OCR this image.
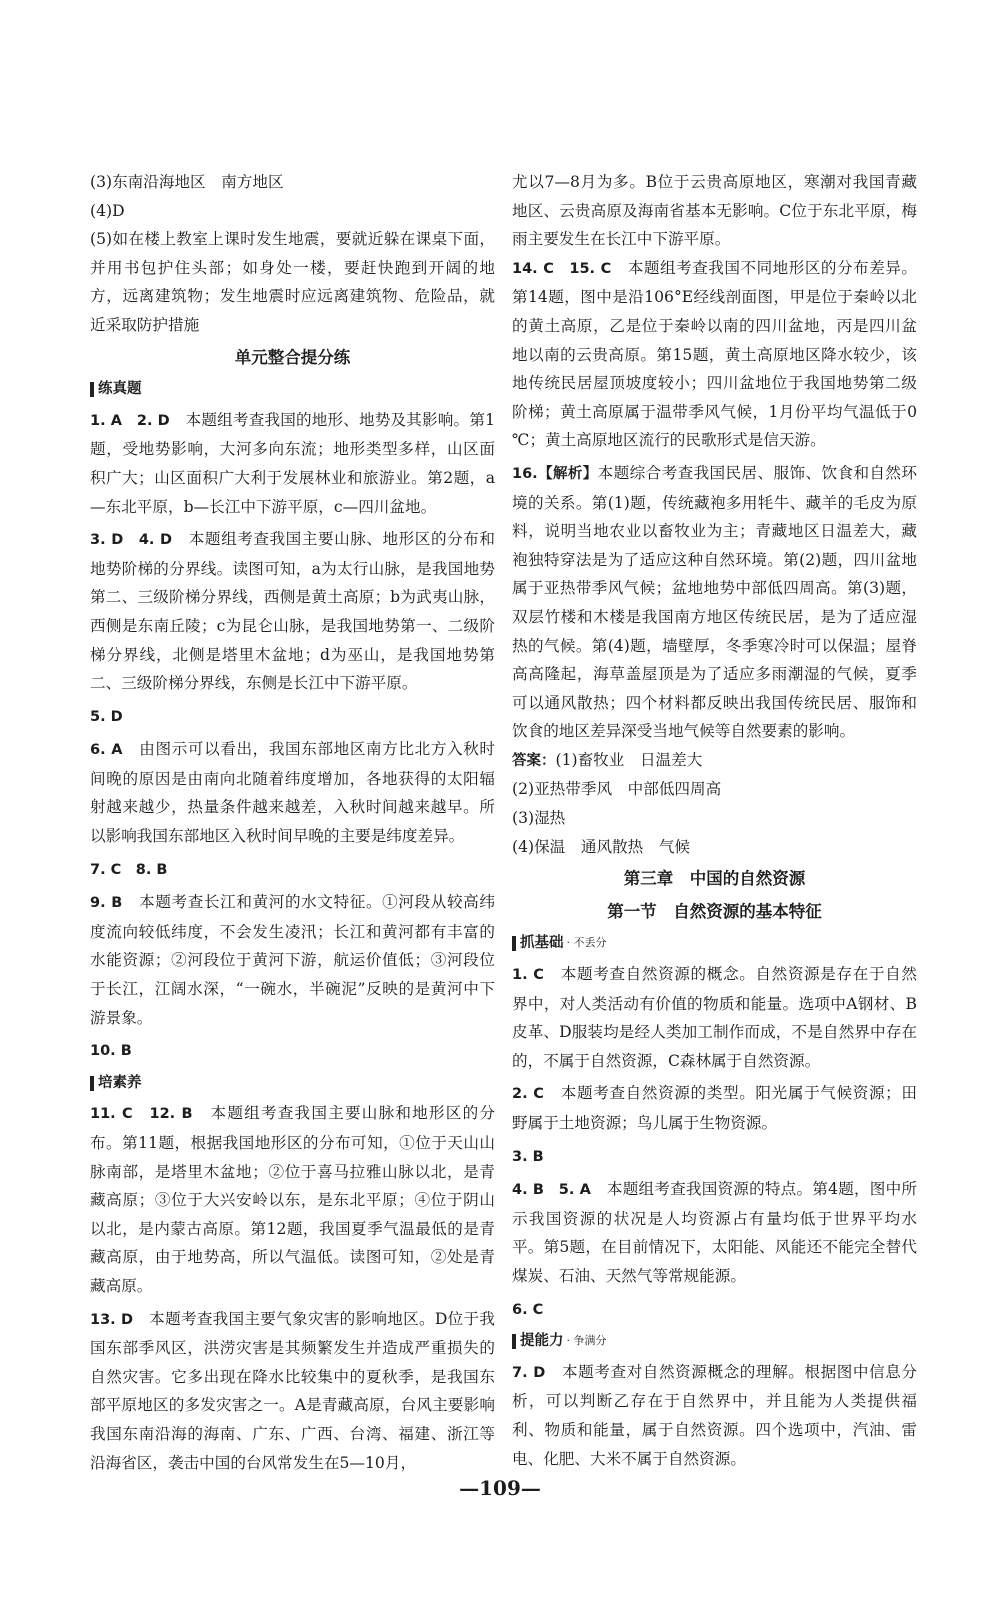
(3)东南沿海地区　南方地区

(4)D

(5)如在楼上教室上课时发生地震，要就近躲在课桌下面，并用书包护住头部；如身处一楼，要赶快跑到开阔的地方，远离建筑物；发生地震时应远离建筑物、危险品，就近采取防护措施

单元整合提分练
练真题

1. A　2. D　 本题组考查我国的地形、地势及其影响。第1题，受地势影响，大河多向东流；地形类型多样，山区面积广大；山区面积广大利于发展林业和旅游业。第2题，a—东北平原，b—长江中下游平原，c—四川盆地。

3. D　4. D　 本题组考查我国主要山脉、地形区的分布和地势阶梯的分界线。读图可知，a为太行山脉，是我国地势第二、三级阶梯分界线，西侧是黄土高原；b为武夷山脉，西侧是东南丘陵；c为昆仑山脉，是我国地势第一、二级阶梯分界线，北侧是塔里木盆地；d为巫山，是我国地势第二、三级阶梯分界线，东侧是长江中下游平原。

5. D

6. A　 由图示可以看出，我国东部地区南方比北方入秋时间晚的原因是由南向北随着纬度增加，各地获得的太阳辐射越来越少，热量条件越来越差，入秋时间越来越早。所以影响我国东部地区入秋时间早晚的主要是纬度差异。

7. C　8. B

9. B　 本题考查长江和黄河的水文特征。①河段从较高纬度流向较低纬度，不会发生凌汛；长江和黄河都有丰富的水能资源；②河段位于黄河下游，航运价值低；③河段位于长江，江阔水深，“一碗水，半碗泥”反映的是黄河中下游景象。

10. B

培素养

11. C　12. B　 本题组考查我国主要山脉和地形区的分布。第11题，根据我国地形区的分布可知，①位于天山山脉南部，是塔里木盆地；②位于喜马拉雅山脉以北，是青藏高原；③位于大兴安岭以东，是东北平原；④位于阴山以北，是内蒙古高原。第12题，我国夏季气温最低的是青藏高原，由于地势高，所以气温低。读图可知，②处是青藏高原。

13. D　 本题考查我国主要气象灾害的影响地区。D位于我国东部季风区，洪涝灾害是其频繁发生并造成严重损失的自然灾害。它多出现在降水比较集中的夏秋季，是我国东部平原地区的多发灾害之一。A是青藏高原，台风主要影响我国东南沿海的海南、广东、广西、台湾、福建、浙江等沿海省区，袭击中国的台风常发生在5—10月，

尤以7—8月为多。B位于云贵高原地区，寒潮对我国青藏地区、云贵高原及海南省基本无影响。C位于东北平原，梅雨主要发生在长江中下游平原。

14. C　15. C　 本题组考查我国不同地形区的分布差异。第14题，图中是沿106°E经线剖面图，甲是位于秦岭以北的黄土高原，乙是位于秦岭以南的四川盆地，丙是四川盆地以南的云贵高原。第15题，黄土高原地区降水较少，该地传统民居屋顶坡度较小；四川盆地位于我国地势第二级阶梯；黄土高原属于温带季风气候，1月份平均气温低于0 ℃；黄土高原地区流行的民歌形式是信天游。

16.【解析】本题综合考查我国民居、服饰、饮食和自然环境的关系。第(1)题，传统藏袍多用牦牛、藏羊的毛皮为原料，说明当地农业以畜牧业为主；青藏地区日温差大，藏袍独特穿法是为了适应这种自然环境。第(2)题，四川盆地属于亚热带季风气候；盆地地势中部低四周高。第(3)题，双层竹楼和木楼是我国南方地区传统民居，是为了适应湿热的气候。第(4)题，墙壁厚，冬季寒冷时可以保温；屋脊高高隆起，海草盖屋顶是为了适应多雨潮湿的气候，夏季可以通风散热；四个材料都反映出我国传统民居、服饰和饮食的地区差异深受当地气候等自然要素的影响。

答案：(1)畜牧业　日温差大

(2)亚热带季风　中部低四周高

(3)湿热

(4)保温　通风散热　气候

第三章　中国的自然资源
第一节　自然资源的基本特征
抓基础 · 不丢分

1. C　 本题考查自然资源的概念。自然资源是存在于自然界中，对人类活动有价值的物质和能量。选项中A钢材、B皮革、D服装均是经人类加工制作而成，不是自然界中存在的，不属于自然资源，C森林属于自然资源。

2. C　 本题考查自然资源的类型。阳光属于气候资源；田野属于土地资源；鸟儿属于生物资源。

3. B

4. B　5. A　 本题组考查我国资源的特点。第4题，图中所示我国资源的状况是人均资源占有量均低于世界平均水平。第5题，在目前情况下，太阳能、风能还不能完全替代煤炭、石油、天然气等常规能源。

6. C

提能力 · 争满分

7. D　 本题考查对自然资源概念的理解。根据图中信息分析，可以判断乙存在于自然界中，并且能为人类提供福利、物质和能量，属于自然资源。四个选项中，汽油、雷电、化肥、大米不属于自然资源。

—109—
